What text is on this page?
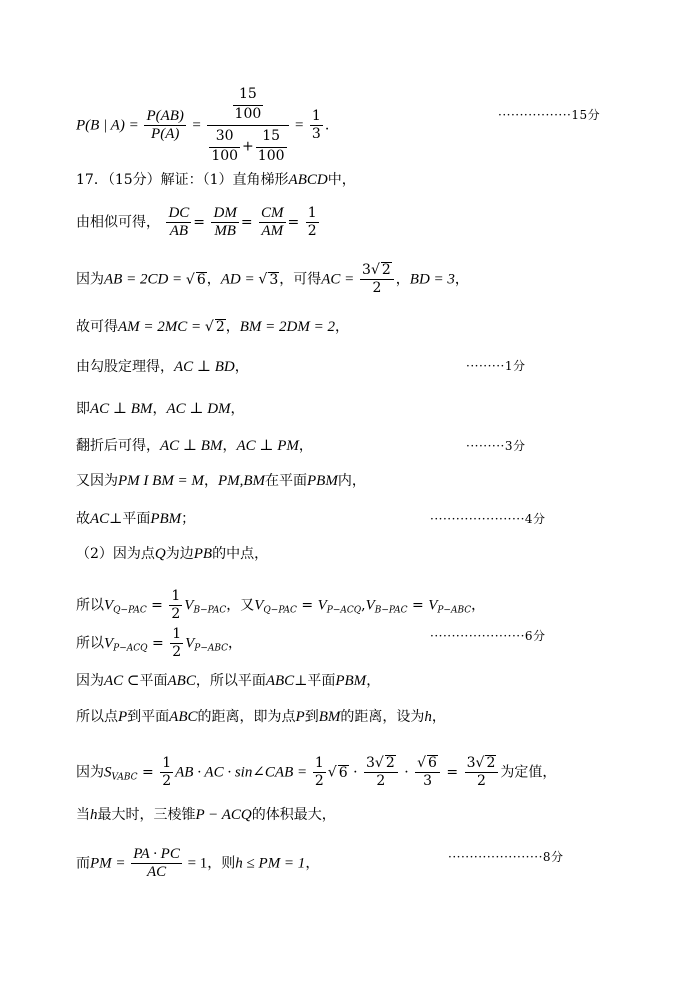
P(B | $A) = \frac{P(AB)}{P(A)} = \frac{\frac{15}{100}}{\frac{30}{100} + \frac{15}{100}} = \frac{1}{3}$ .
·················15分
17．（15分）解证：（1）直角梯形ABCD中，
由相似可得， $\frac{DC}{AB} = \frac{DM}{MB} = \frac{CM}{AM} = \frac{1}{2}$
因为AB = 2CD = √ 6，AD = √ 3，可得AC = $\frac{3√ 2}{2}$ ，BD = 3，
故可得AM = 2MC = √ 2，BM = 2DM = 2，
由勾股定理得，AC ⊥ BD，	·········1分
即AC ⊥ BM，AC ⊥ DM，
翻折后可得，AC ⊥ BM，AC ⊥ PM，	·········3分
又因为PM I BM = M，PM,BM在平面PBM内，
故AC⊥平面PBM；	······················4分
（2）因为点Q为边PB的中点，
所以$V_{Q-PAC} = \frac{1}{2} V_{B-PAC}$，又$V_{Q-PAC} = V_{P-ACQ},V_{B-PAC} = V_{P-ABC}$，
所以$V_{P-ACQ} = \frac{1}{2} V_{P-ABC}$，	······················6分
因为AC ⊂平面ABC，所以平面ABC⊥平面PBM，
所以点P到平面ABC的距离，即为点P到BM的距离，设为h，
因为$S_{VABC} = \frac{1}{2}$ AB · AC · sin∠CAB = $\frac{1}{2}$ √ $6 \cdot \frac{3√ 2}{2} \cdot \frac{√ 6}{3} = \frac{3√ 2}{2}$ 为定值，
当h最大时，三棱锥P − ACQ的体积最大，
而PM = $\frac{PA \cdot PC}{AC} = 1$，则h ≤ PM = 1，	······················8分
